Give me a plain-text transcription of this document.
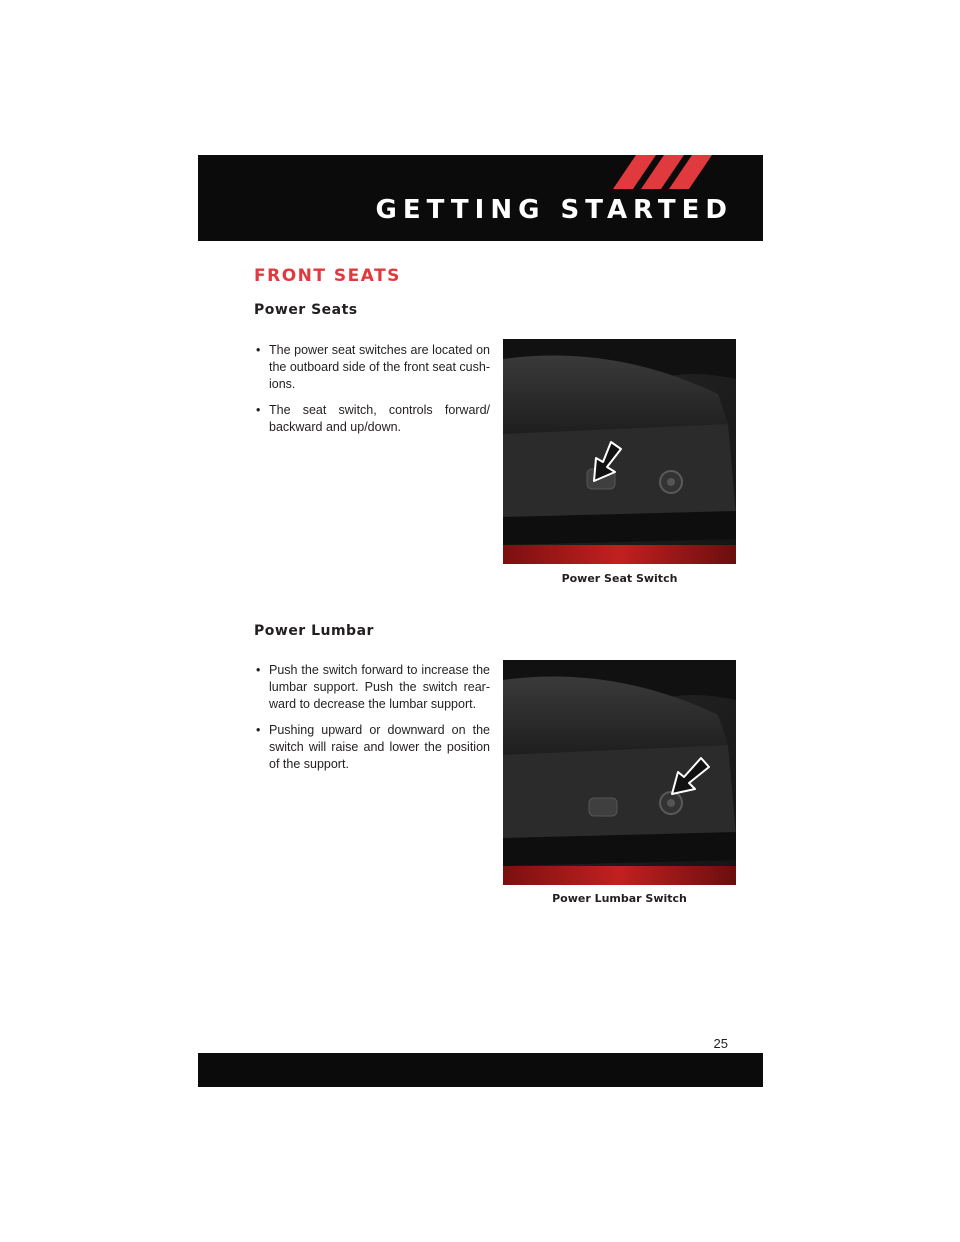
GETTING STARTED
FRONT SEATS
Power Seats
• The power seat switches are located on the outboard side of the front seat cushions.
• The seat switch, controls forward/ backward and up/down.

Power Seat Switch

Power Lumbar
• Push the switch forward to increase the lumbar support. Push the switch rearward to decrease the lumbar support.
• Pushing upward or downward on the switch will raise and lower the position of the support.

Power Lumbar Switch

25
